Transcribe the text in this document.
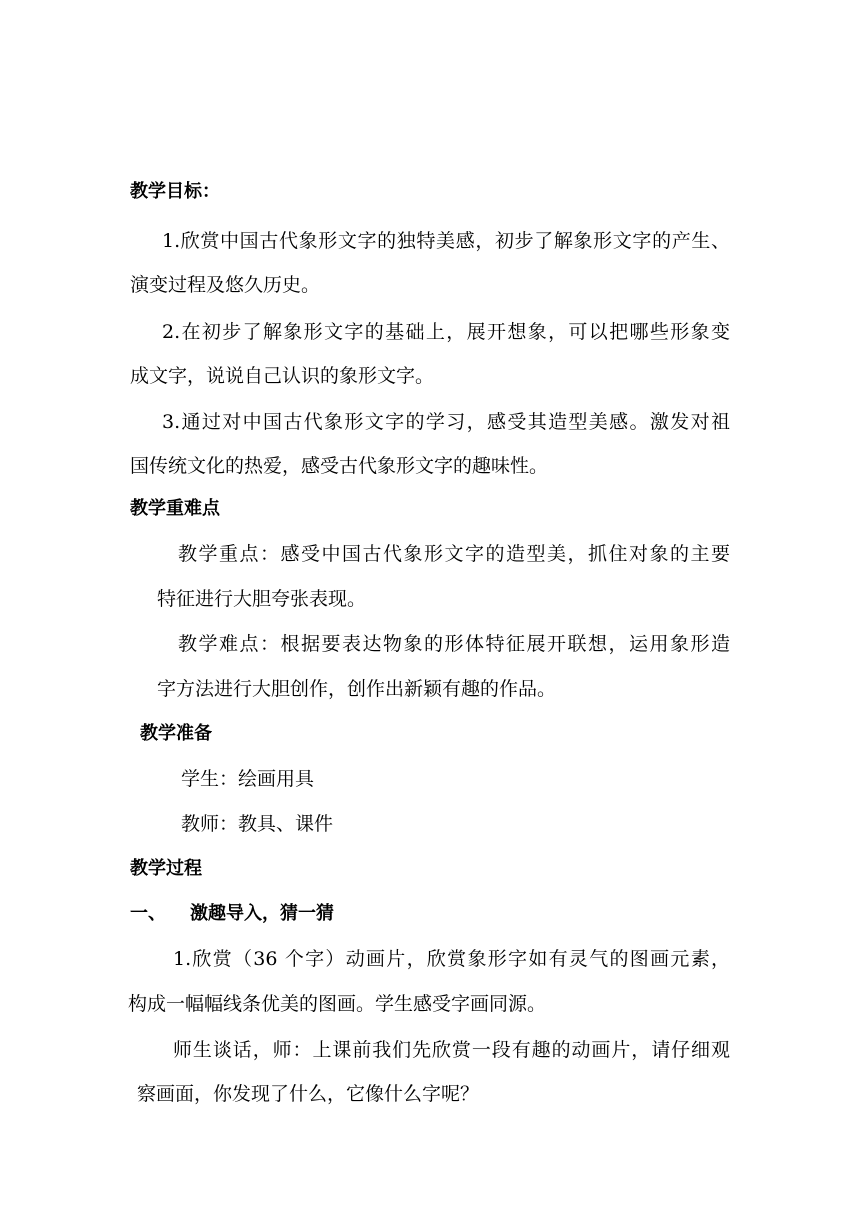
教学目标：
1.欣赏中国古代象形文字的独特美感，初步了解象形文字的产生、
演变过程及悠久历史。
2.在初步了解象形文字的基础上，展开想象，可以把哪些形象变
成文字，说说自己认识的象形文字。
3.通过对中国古代象形文字的学习，感受其造型美感。激发对祖
国传统文化的热爱，感受古代象形文字的趣味性。
教学重难点
教学重点：感受中国古代象形文字的造型美，抓住对象的主要
特征进行大胆夸张表现。
教学难点：根据要表达物象的形体特征展开联想，运用象形造
字方法进行大胆创作，创作出新颖有趣的作品。
教学准备
学生：绘画用具
教师：教具、课件
教学过程
一、 激趣导入，猜一猜
1.欣赏（36 个字）动画片，欣赏象形字如有灵气的图画元素，
构成一幅幅线条优美的图画。学生感受字画同源。
师生谈话，师：上课前我们先欣赏一段有趣的动画片，请仔细观
察画面，你发现了什么，它像什么字呢？
